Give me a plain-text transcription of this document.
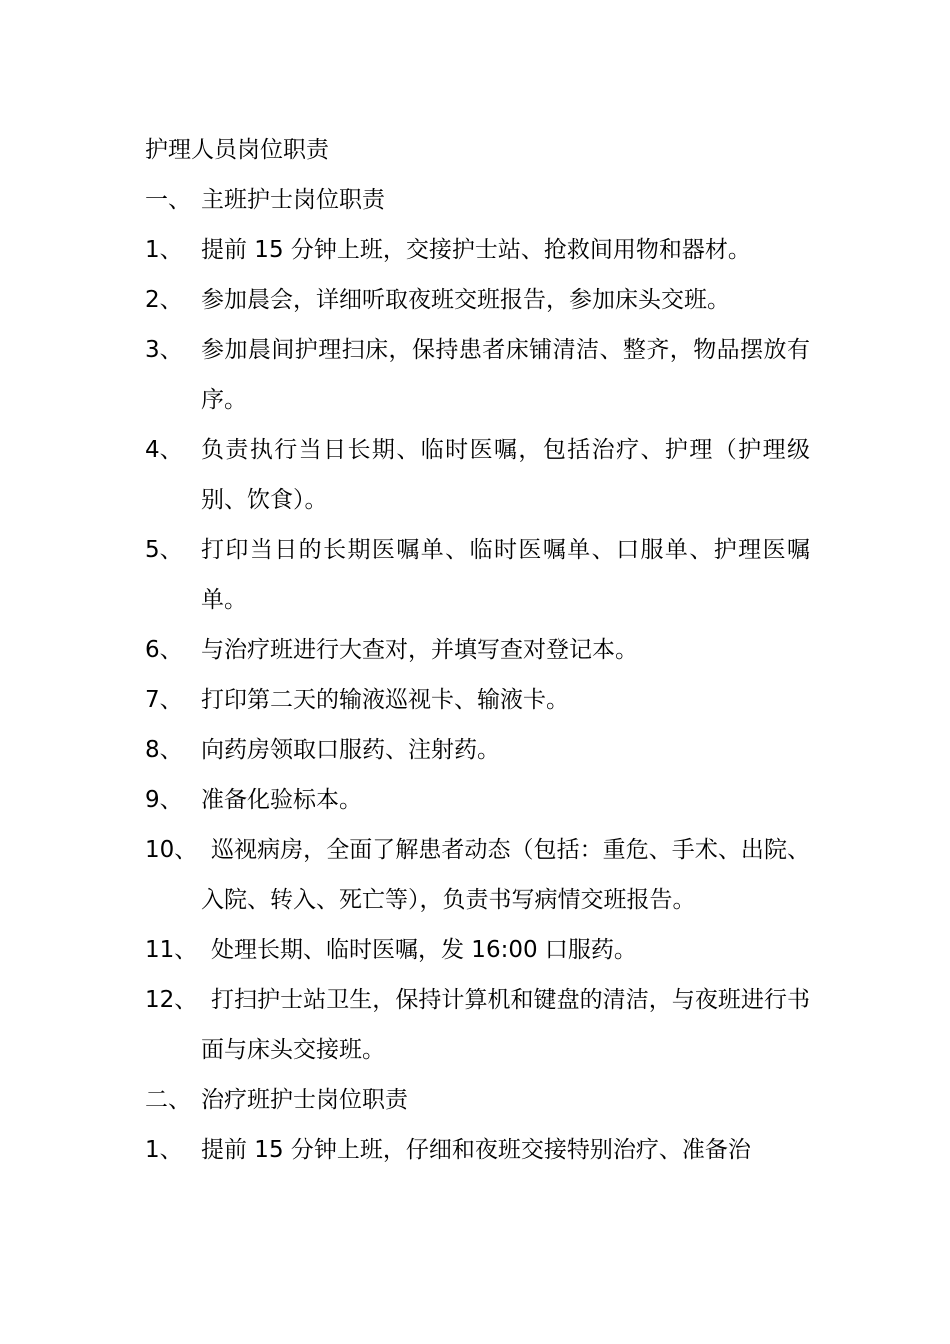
护理人员岗位职责
一、 主班护士岗位职责
1、 提前 15 分钟上班，交接护士站、抢救间用物和器材。
2、 参加晨会，详细听取夜班交班报告，参加床头交班。
3、 参加晨间护理扫床，保持患者床铺清洁、整齐，物品摆放有序。
4、 负责执行当日长期、临时医嘱，包括治疗、护理（护理级别、饮食）。
5、 打印当日的长期医嘱单、临时医嘱单、口服单、护理医嘱单。
6、 与治疗班进行大查对，并填写查对登记本。
7、 打印第二天的输液巡视卡、输液卡。
8、 向药房领取口服药、注射药。
9、 准备化验标本。
10、 巡视病房，全面了解患者动态（包括：重危、手术、出院、入院、转入、死亡等），负责书写病情交班报告。
11、 处理长期、临时医嘱，发 16:00 口服药。
12、 打扫护士站卫生，保持计算机和键盘的清洁，与夜班进行书面与床头交接班。
二、 治疗班护士岗位职责
1、 提前 15 分钟上班，仔细和夜班交接特别治疗、准备治
